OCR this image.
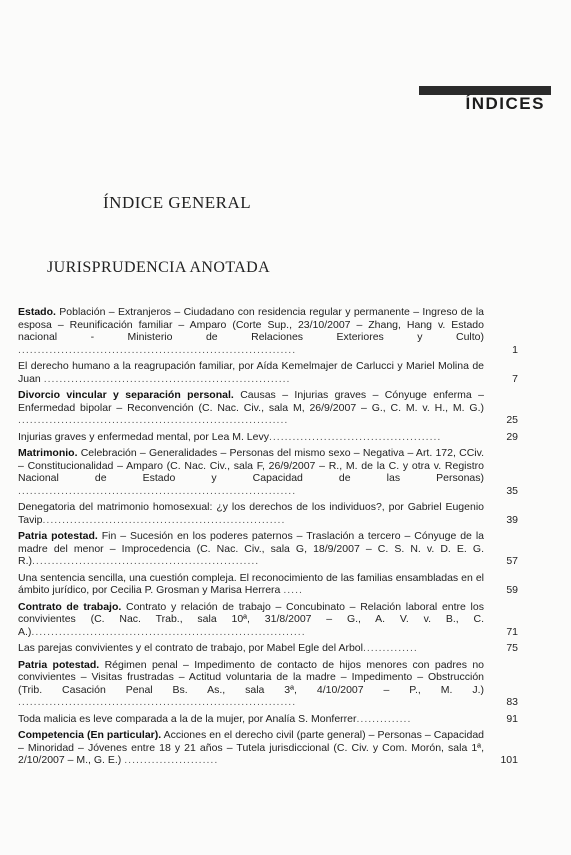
ÍNDICES
ÍNDICE GENERAL
JURISPRUDENCIA ANOTADA
Estado. Población – Extranjeros – Ciudadano con residencia regular y permanente – Ingreso de la esposa – Reunificación familiar – Amparo (Corte Sup., 23/10/2007 – Zhang, Hang v. Estado nacional - Ministerio de Relaciones Exteriores y Culto) .......................................................................	1
El derecho humano a la reagrupación familiar, por Aída Kemelmajer de Carlucci y Mariel Molina de Juan ...............................................................	7
Divorcio vincular y separación personal. Causas – Injurias graves – Cónyuge enferma – Enfermedad bipolar – Reconvención (C. Nac. Civ., sala M, 26/9/2007 – G., C. M. v. H., M. G.) .....................................................................	25
Injurias graves y enfermedad mental, por Lea M. Levy............................................	29
Matrimonio. Celebración – Generalidades – Personas del mismo sexo – Negativa – Art. 172, CCiv. – Constitucionalidad – Amparo (C. Nac. Civ., sala F, 26/9/2007 – R., M. de la C. y otra v. Registro Nacional de Estado y Capacidad de las Personas) .......................................................................	35
Denegatoria del matrimonio homosexual: ¿y los derechos de los individuos?, por Gabriel Eugenio Tavip..............................................................	39
Patria potestad. Fin – Sucesión en los poderes paternos – Traslación a tercero – Cónyuge de la madre del menor – Improcedencia (C. Nac. Civ., sala G, 18/9/2007 – C. S. N. v. D. E. G. R.)..........................................................	57
Una sentencia sencilla, una cuestión compleja. El reconocimiento de las familias ensambladas en el ámbito jurídico, por Cecilia P. Grosman y Marisa Herrera .....	59
Contrato de trabajo. Contrato y relación de trabajo – Concubinato – Relación laboral entre los convivientes (C. Nac. Trab., sala 10ª, 31/8/2007 – G., A. V. v. B., C. A.)......................................................................	71
Las parejas convivientes y el contrato de trabajo, por Mabel Egle del Arbol..............	75
Patria potestad. Régimen penal – Impedimento de contacto de hijos menores con padres no convivientes – Visitas frustradas – Actitud voluntaria de la madre – Impedimento – Obstrucción (Trib. Casación Penal Bs. As., sala 3ª, 4/10/2007 – P., M. J.) .......................................................................	83
Toda malicia es leve comparada a la de la mujer, por Analía S. Monferrer..............	91
Competencia (En particular). Acciones en el derecho civil (parte general) – Personas – Capacidad – Minoridad – Jóvenes entre 18 y 21 años – Tutela jurisdiccional (C. Civ. y Com. Morón, sala 1ª, 2/10/2007 – M., G. E.) ........................	101
